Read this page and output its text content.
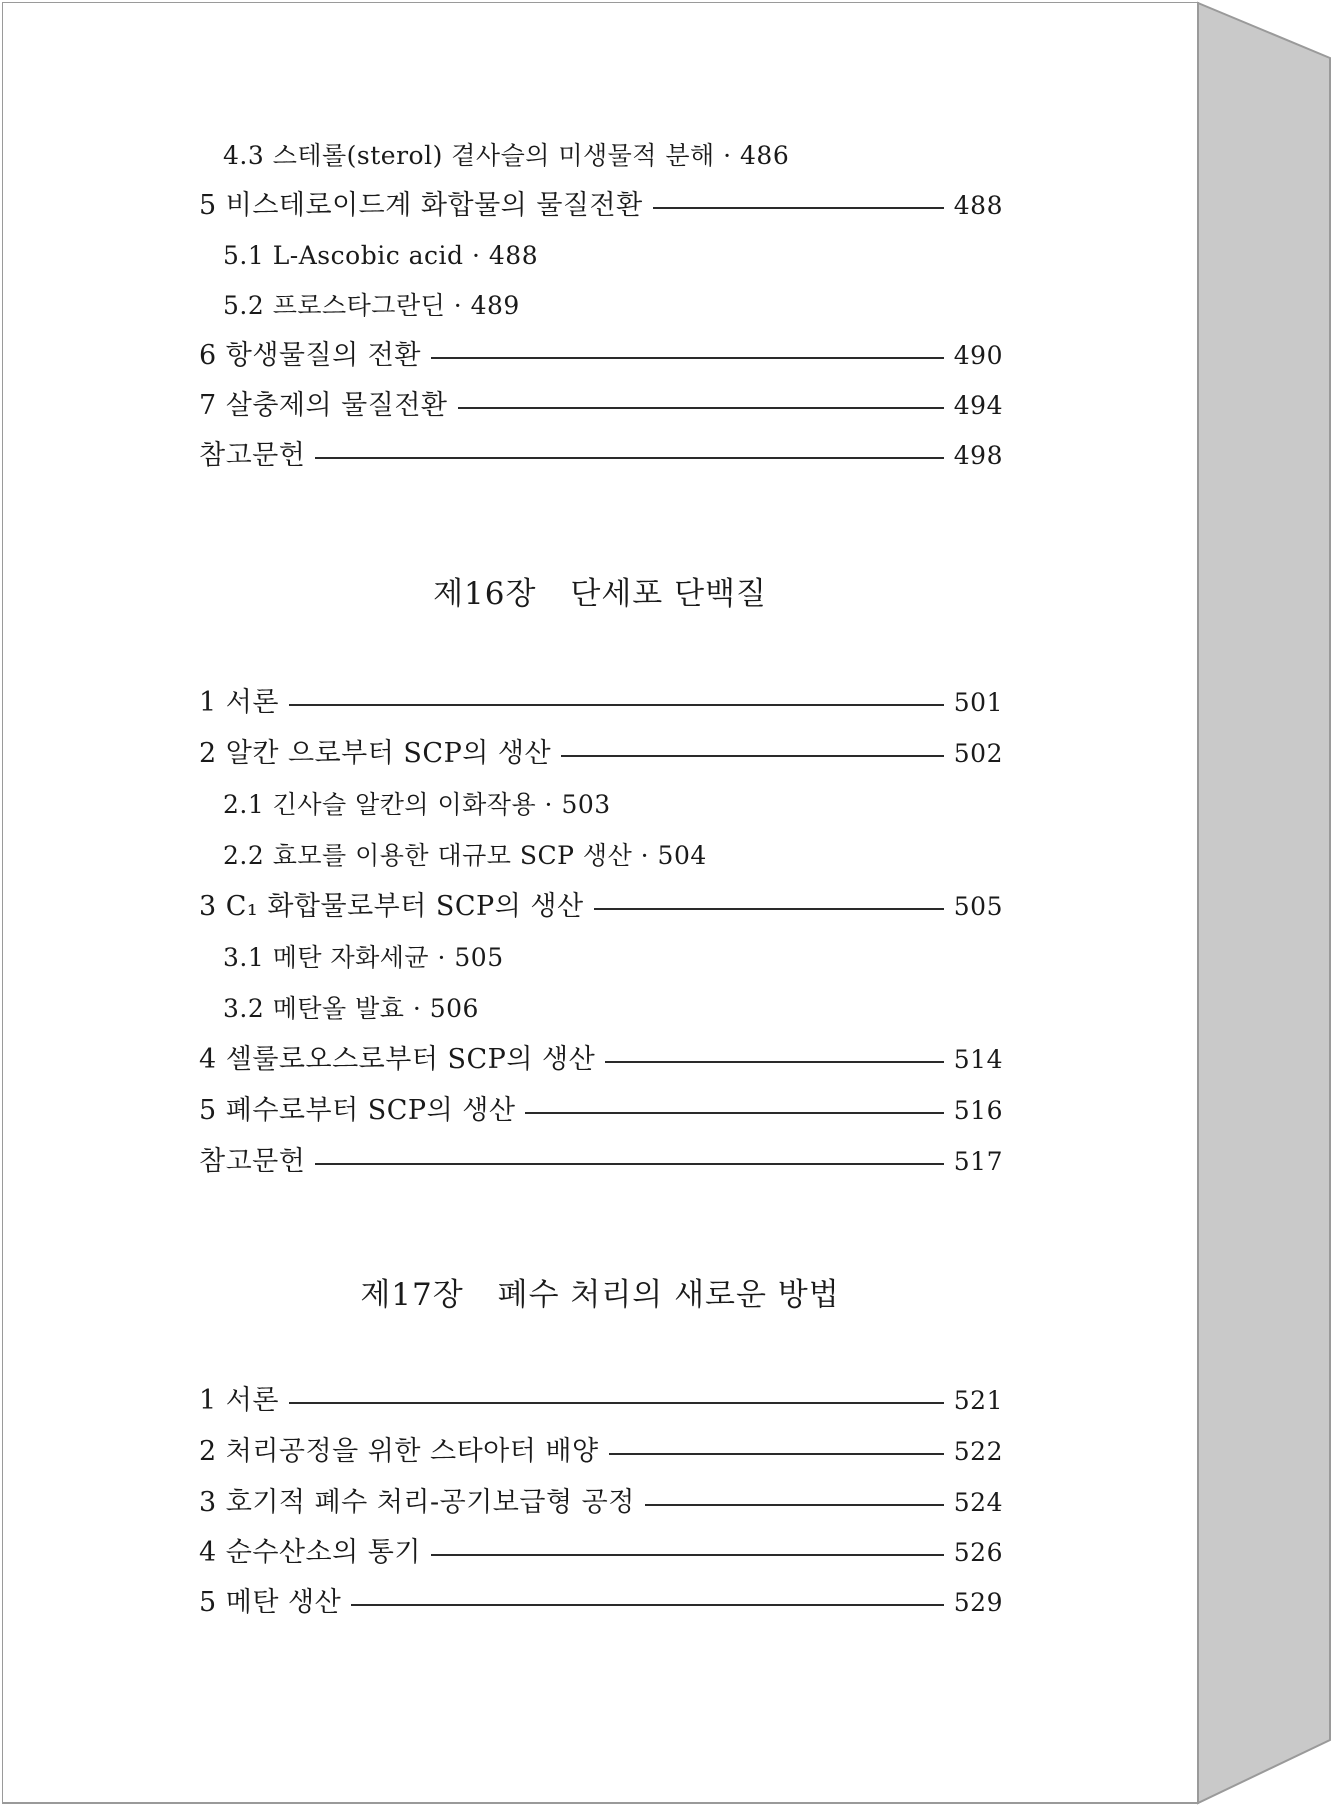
4.3 스테롤(sterol) 곁사슬의 미생물적 분해 · 486
5 비스테로이드계 화합물의 물질전환	488
5.1 L-Ascobic acid · 488
5.2 프로스타그란딘 · 489
6 항생물질의 전환	490
7 살충제의 물질전환	494
참고문헌	498
제16장 단세포 단백질
1 서론	501
2 알칸 으로부터 SCP의 생산	502
2.1 긴사슬 알칸의 이화작용 · 503
2.2 효모를 이용한 대규모 SCP 생산 · 504
3 C₁ 화합물로부터 SCP의 생산	505
3.1 메탄 자화세균 · 505
3.2 메탄올 발효 · 506
4 셀룰로오스로부터 SCP의 생산	514
5 폐수로부터 SCP의 생산	516
참고문헌	517
제17장 폐수 처리의 새로운 방법
1 서론	521
2 처리공정을 위한 스타아터 배양	522
3 호기적 폐수 처리-공기보급형 공정	524
4 순수산소의 통기	526
5 메탄 생산	529
